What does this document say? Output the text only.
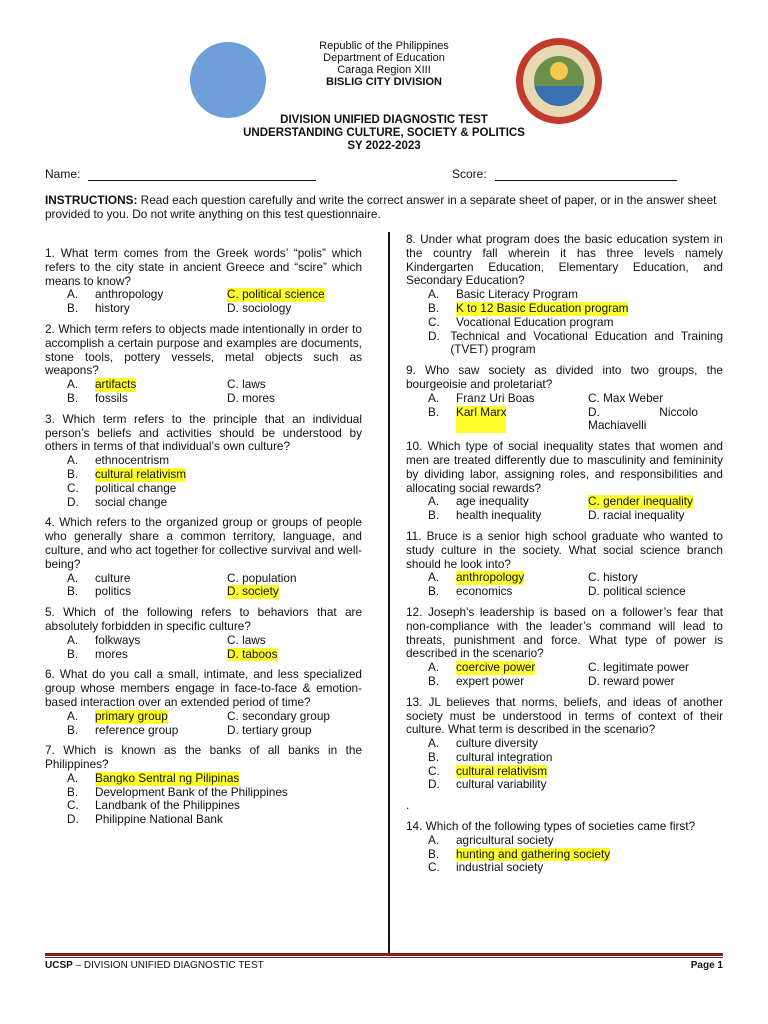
Republic of the Philippines
Department of Education
Caraga Region XIII
BISLIG CITY DIVISION
DIVISION UNIFIED DIAGNOSTIC TEST
UNDERSTANDING CULTURE, SOCIETY & POLITICS
SY 2022-2023
Name:	Score:
INSTRUCTIONS: Read each question carefully and write the correct answer in a separate sheet of paper, or in the answer sheet provided to you. Do not write anything on this test questionnaire.

1. What term comes from the Greek words’ “polis” which refers to the city state in ancient Greece and “scire” which means to know?

A.	anthropology	C. political science
B.	history	D. sociology

2. Which term refers to objects made intentionally in order to accomplish a certain purpose and examples are documents, stone tools, pottery vessels, metal objects such as weapons?

A.	artifacts	C. laws
B.	fossils	D. mores

3. Which term refers to the principle that an individual person’s beliefs and activities should be understood by others in terms of that individual’s own culture?

A.	ethnocentrism
B.	cultural relativism
C.	political change
D.	social change

4. Which refers to the organized group or groups of people who generally share a common territory, language, and culture, and who act together for collective survival and well-being?

A.	culture	C. population
B.	politics	D. society

5. Which of the following refers to behaviors that are absolutely forbidden in specific culture?

A.	folkways	C. laws
B.	mores	D. taboos

6. What do you call a small, intimate, and less specialized group whose members engage in face-to-face & emotion-based interaction over an extended period of time?

A.	primary group	C. secondary group
B.	reference group	D. tertiary group

7. Which is known as the banks of all banks in the Philippines?

A.	Bangko Sentral ng Pilipinas
B.	Development Bank of the Philippines
C.	Landbank of the Philippines
D.	Philippine National Bank

8. Under what program does the basic education system in the country fall wherein it has three levels namely Kindergarten Education, Elementary Education, and Secondary Education?

A.	Basic Literacy Program
B.	K to 12 Basic Education program
C.	Vocational Education program
D. Technical and Vocational Education and Training (TVET) program

9. Who saw society as divided into two groups, the bourgeoisie and proletariat?

A.	Franz Uri Boas	C. Max Weber
B.	Karl Marx	D. Niccolo Machiavelli

10. Which type of social inequality states that women and men are treated differently due to masculinity and femininity by dividing labor, assigning roles, and responsibilities and allocating social rewards?

A.	age inequality	C. gender inequality
B.	health inequality	D. racial inequality

11. Bruce is a senior high school graduate who wanted to study culture in the society. What social science branch should he look into?

A.	anthropology	C. history
B.	economics	D. political science

12. Joseph’s leadership is based on a follower’s fear that non-compliance with the leader’s command will lead to threats, punishment and force. What type of power is described in the scenario?

A.	coercive power	C. legitimate power
B.	expert power	D. reward power

13. JL believes that norms, beliefs, and ideas of another society must be understood in terms of context of their culture. What term is described in the scenario?

A.	culture diversity
B.	cultural integration
C.	cultural relativism
D.	cultural variability

.

14. Which of the following types of societies came first?

A.	agricultural society
B.	hunting and gathering society
C.	industrial society
UCSP – DIVISION UNIFIED DIAGNOSTIC TEST	Page 1
